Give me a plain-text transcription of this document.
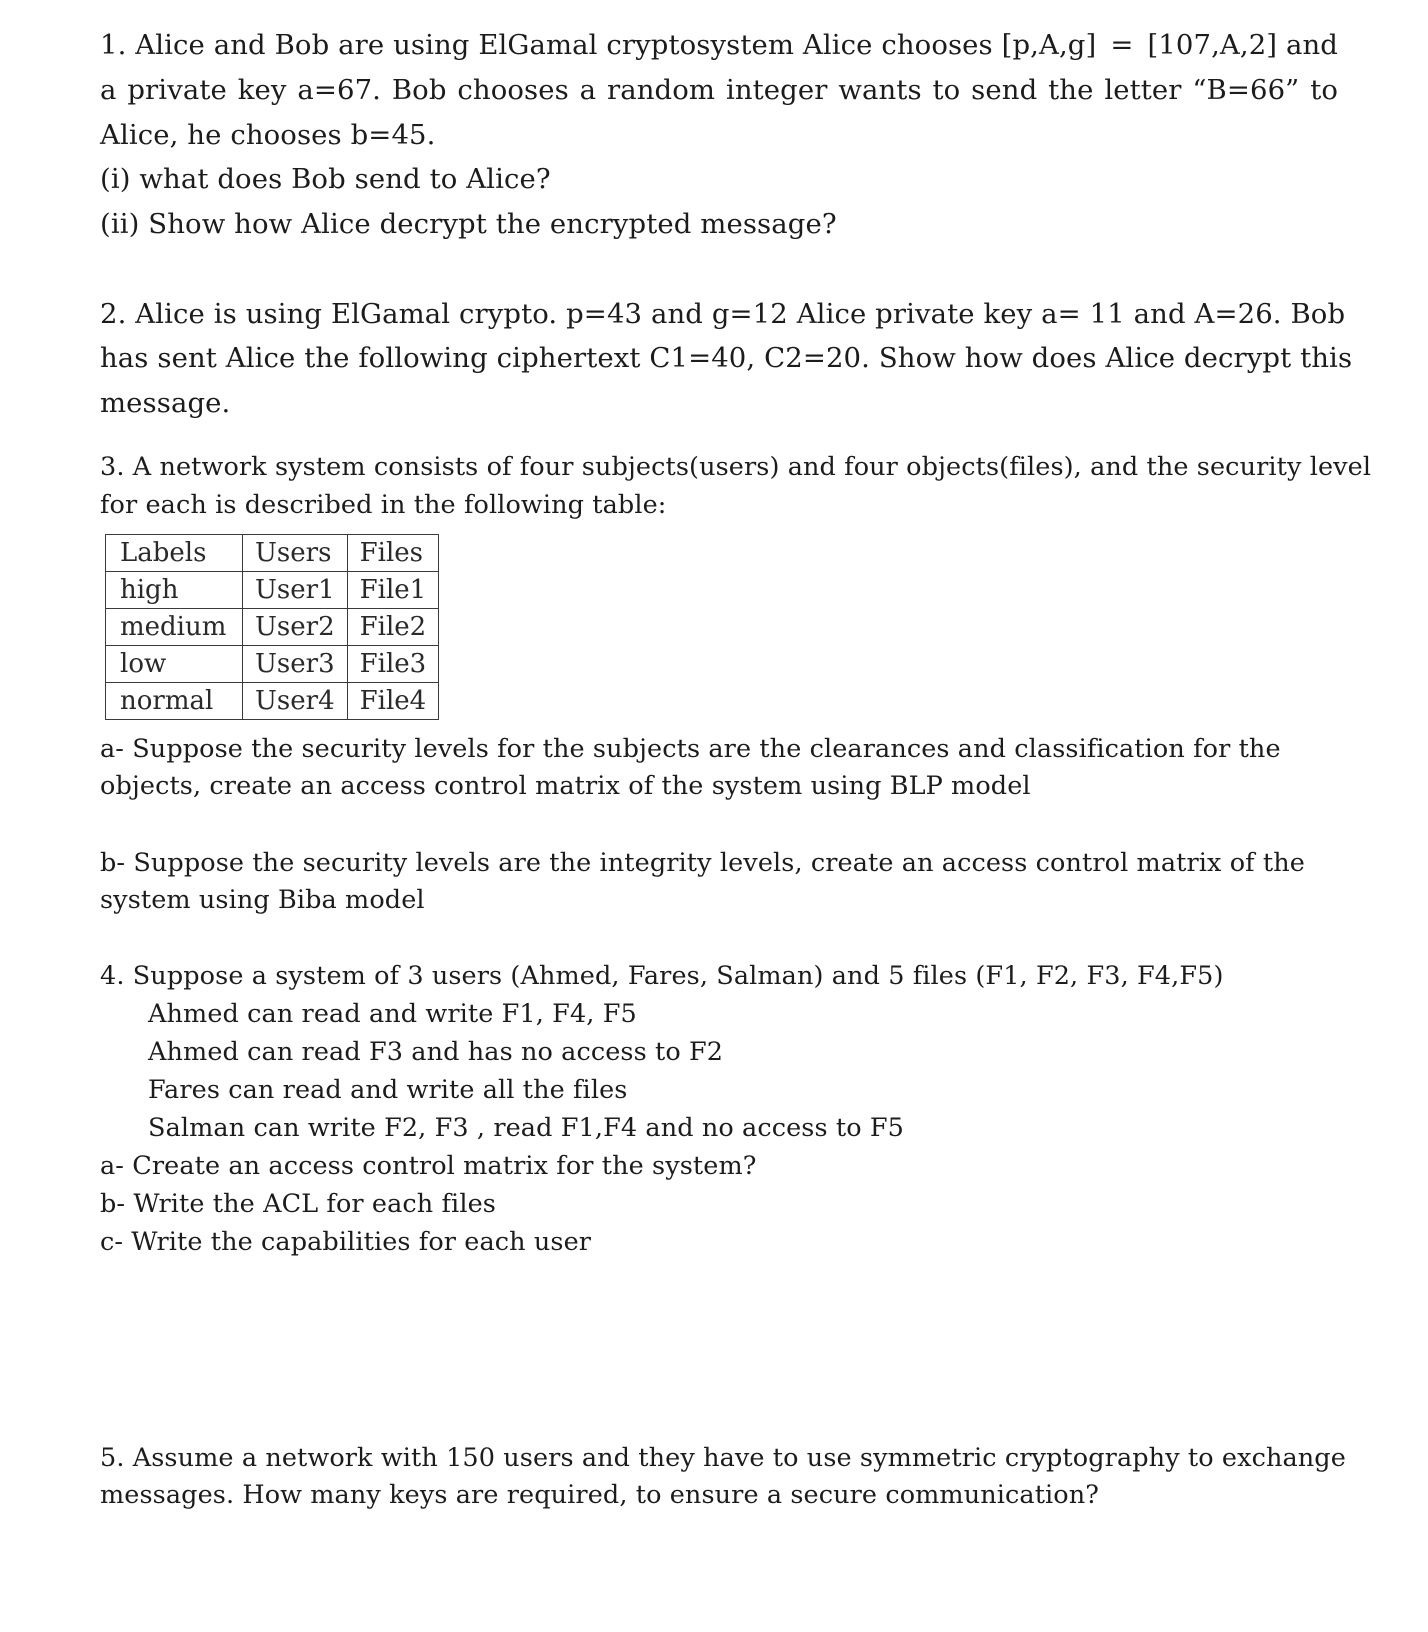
1. Alice and Bob are using ElGamal cryptosystem Alice chooses [p,A,g] = [107,A,2] and
a private key a=67. Bob chooses a random integer wants to send the letter “B=66” to
Alice, he chooses b=45.
(i) what does Bob send to Alice?
(ii) Show how Alice decrypt the encrypted message?
2. Alice is using ElGamal crypto. p=43 and g=12 Alice private key a= 11 and A=26. Bob
has sent Alice the following ciphertext C1=40, C2=20. Show how does Alice decrypt this
message.
3. A network system consists of four subjects(users) and four objects(files), and the security level
for each is described in the following table:
Labels	Users	Files
high	User1	File1
medium	User2	File2
low	User3	File3
normal	User4	File4
a- Suppose the security levels for the subjects are the clearances and classification for the
objects, create an access control matrix of the system using BLP model
b- Suppose the security levels are the integrity levels, create an access control matrix of the
system using Biba model
4. Suppose a system of 3 users (Ahmed, Fares, Salman) and 5 files (F1, F2, F3, F4,F5)
Ahmed can read and write F1, F4, F5
Ahmed can read F3 and has no access to F2
Fares can read and write all the files
Salman can write F2, F3 , read F1,F4 and no access to F5
a- Create an access control matrix for the system?
b- Write the ACL for each files
c- Write the capabilities for each user
5. Assume a network with 150 users and they have to use symmetric cryptography to exchange
messages. How many keys are required, to ensure a secure communication?
